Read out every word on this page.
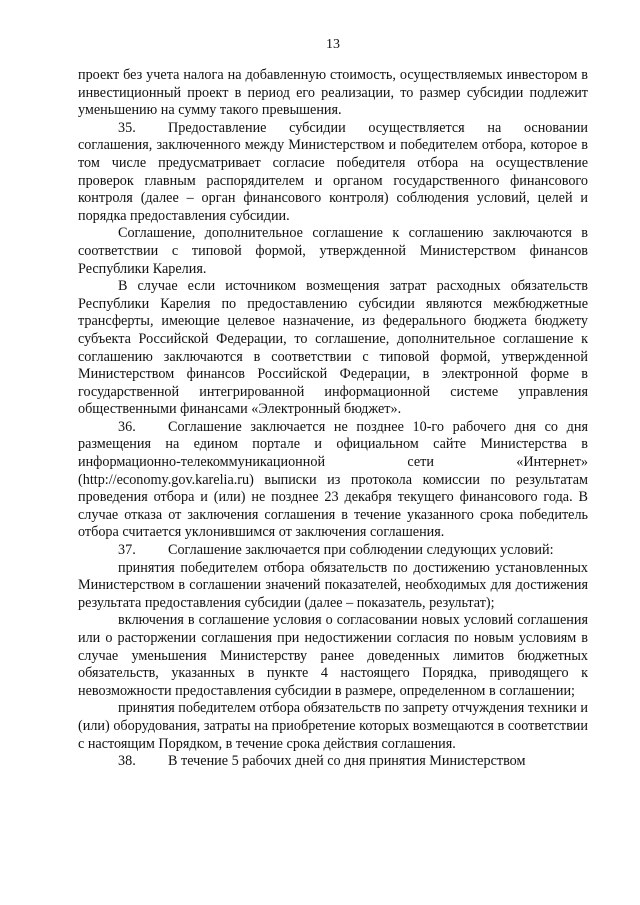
13

проект без учета налога на добавленную стоимость, осуществляемых инвестором в инвестиционный проект в период его реализации, то размер субсидии подлежит уменьшению на сумму такого превышения.

35. Предоставление субсидии осуществляется на основании соглашения, заключенного между Министерством и победителем отбора, которое в том числе предусматривает согласие победителя отбора на осуществление проверок главным распорядителем и органом государственного финансового контроля (далее – орган финансового контроля) соблюдения условий, целей и порядка предоставления субсидии.

Соглашение, дополнительное соглашение к соглашению заключаются в соответствии с типовой формой, утвержденной Министерством финансов Республики Карелия.

В случае если источником возмещения затрат расходных обязательств Республики Карелия по предоставлению субсидии являются межбюджетные трансферты, имеющие целевое назначение, из федерального бюджета бюджету субъекта Российской Федерации, то соглашение, дополнительное соглашение к соглашению заключаются в соответствии с типовой формой, утвержденной Министерством финансов Российской Федерации, в электронной форме в государственной интегрированной информационной системе управления общественными финансами «Электронный бюджет».

36. Соглашение заключается не позднее 10-го рабочего дня со дня размещения на едином портале и официальном сайте Министерства в информационно-телекоммуникационной сети «Интернет» (http://economy.gov.karelia.ru) выписки из протокола комиссии по результатам проведения отбора и (или) не позднее 23 декабря текущего финансового года. В случае отказа от заключения соглашения в течение указанного срока победитель отбора считается уклонившимся от заключения соглашения.

37. Соглашение заключается при соблюдении следующих условий:

принятия победителем отбора обязательств по достижению установленных Министерством в соглашении значений показателей, необходимых для достижения результата предоставления субсидии (далее – показатель, результат);

включения в соглашение условия о согласовании новых условий соглашения или о расторжении соглашения при недостижении согласия по новым условиям в случае уменьшения Министерству ранее доведенных лимитов бюджетных обязательств, указанных в пункте 4 настоящего Порядка, приводящего к невозможности предоставления субсидии в размере, определенном в соглашении;

принятия победителем отбора обязательств по запрету отчуждения техники и (или) оборудования, затраты на приобретение которых возмещаются в соответствии с настоящим Порядком, в течение срока действия соглашения.

38. В течение 5 рабочих дней со дня принятия Министерством
